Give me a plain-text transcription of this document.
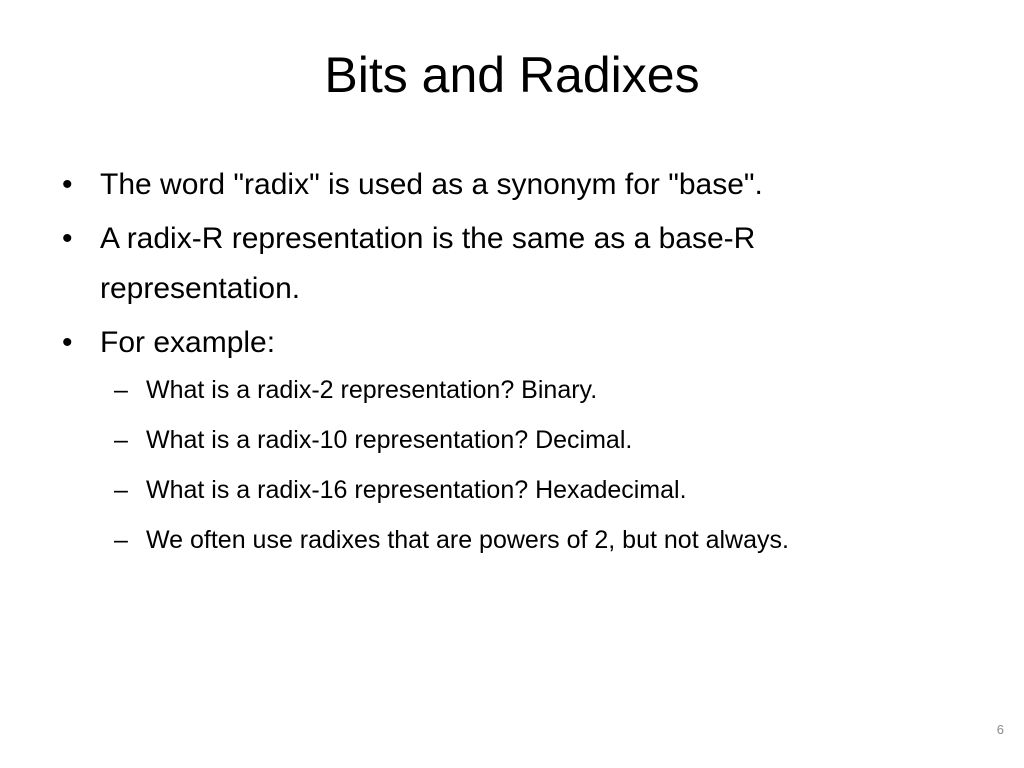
Bits and Radixes
• The word "radix" is used as a synonym for "base".
• A radix-R representation is the same as a base-R representation.
• For example:
– What is a radix-2 representation? Binary.
– What is a radix-10 representation? Decimal.
– What is a radix-16 representation? Hexadecimal.
– We often use radixes that are powers of 2, but not always.
6
